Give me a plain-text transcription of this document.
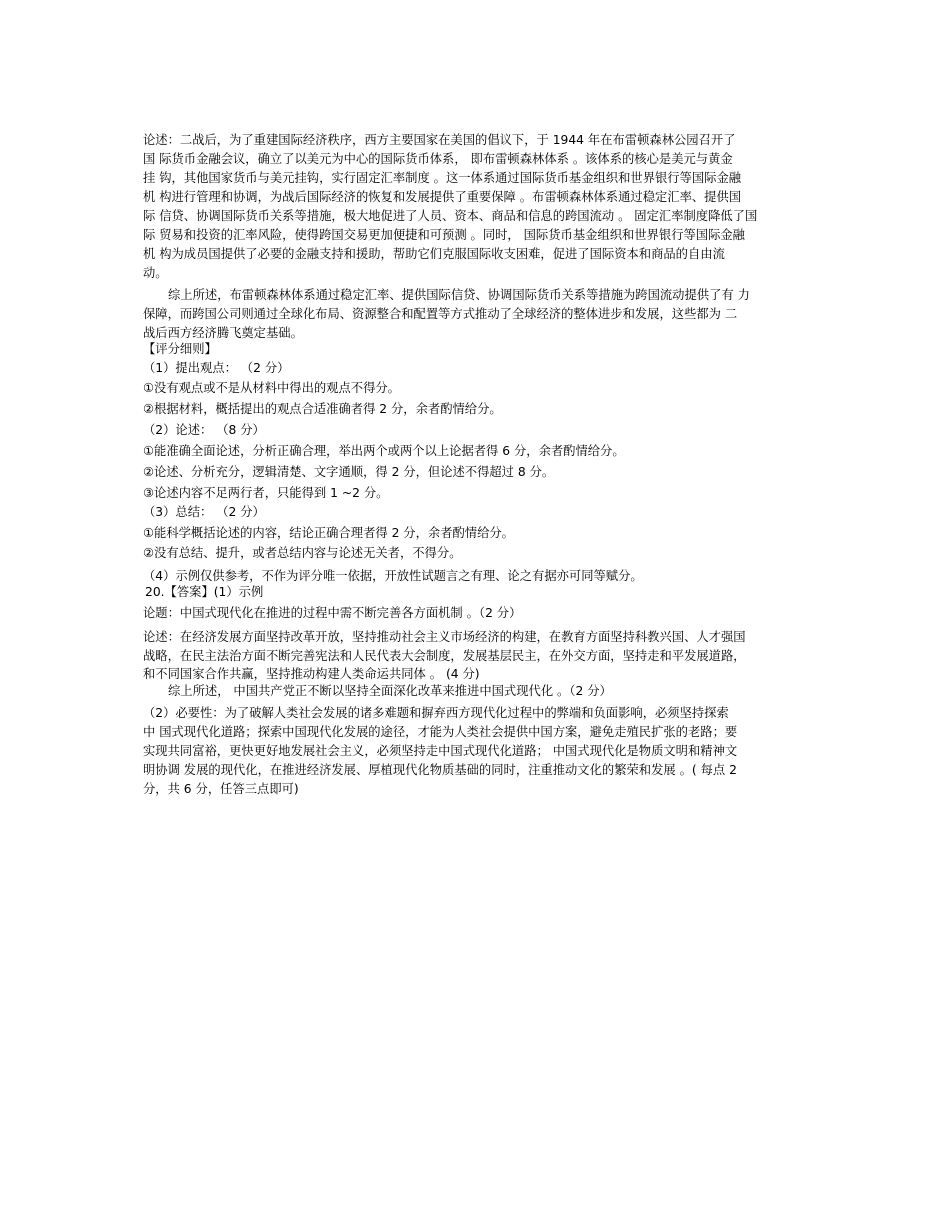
论述：二战后，为了重建国际经济秩序，西方主要国家在美国的倡议下，于 1944 年在布雷顿森林公园召开了
国 际货币金融会议，确立了以美元为中心的国际货币体系， 即布雷顿森林体系 。该体系的核心是美元与黄金
挂 钩，其他国家货币与美元挂钩，实行固定汇率制度 。这一体系通过国际货币基金组织和世界银行等国际金融
机 构进行管理和协调，为战后国际经济的恢复和发展提供了重要保障 。布雷顿森林体系通过稳定汇率、提供国
际 信贷、协调国际货币关系等措施，极大地促进了人员、资本、商品和信息的跨国流动 。 固定汇率制度降低了国
际 贸易和投资的汇率风险，使得跨国交易更加便捷和可预测 。同时， 国际货币基金组织和世界银行等国际金融
机 构为成员国提供了必要的金融支持和援助，帮助它们克服国际收支困难，促进了国际资本和商品的自由流
动。
综上所述，布雷顿森林体系通过稳定汇率、提供国际信贷、协调国际货币关系等措施为跨国流动提供了有 力
保障，而跨国公司则通过全球化布局、资源整合和配置等方式推动了全球经济的整体进步和发展，这些都为 二
战后西方经济腾飞奠定基础。
【评分细则】
（1）提出观点： （2 分）
①没有观点或不是从材料中得出的观点不得分。
②根据材料，概括提出的观点合适准确者得 2 分，余者酌情给分。
（2）论述： （8 分）
①能准确全面论述，分析正确合理，举出两个或两个以上论据者得 6 分，余者酌情给分。
②论述、分析充分，逻辑清楚、文字通顺，得 2 分，但论述不得超过 8 分。
③论述内容不足两行者，只能得到 1 ~2 分。
（3）总结： （2 分）
①能科学概括论述的内容，结论正确合理者得 2 分，余者酌情给分。
②没有总结、提升，或者总结内容与论述无关者，不得分。
（4）示例仅供参考，不作为评分唯一依据，开放性试题言之有理、论之有据亦可同等赋分。
20.【答案】(1）示例
论题：中国式现代化在推进的过程中需不断完善各方面机制 。（2 分）
论述：在经济发展方面坚持改革开放，坚持推动社会主义市场经济的构建，在教育方面坚持科教兴国、人才强国
战略，在民主法治方面不断完善宪法和人民代表大会制度，发展基层民主，在外交方面，坚持走和平发展道路，
和不同国家合作共赢，坚持推动构建人类命运共同体 。 (4 分)
综上所述， 中国共产党正不断以坚持全面深化改革来推进中国式现代化 。（2 分）
（2）必要性：为了破解人类社会发展的诸多难题和摒弃西方现代化过程中的弊端和负面影响，必须坚持探索
中 国式现代化道路；探索中国现代化发展的途径，才能为人类社会提供中国方案，避免走殖民扩张的老路；要
实现共同富裕，更快更好地发展社会主义，必须坚持走中国式现代化道路； 中国式现代化是物质文明和精神文
明协调 发展的现代化，在推进经济发展、厚植现代化物质基础的同时，注重推动文化的繁荣和发展 。( 每点 2
分，共 6 分，任答三点即可)
